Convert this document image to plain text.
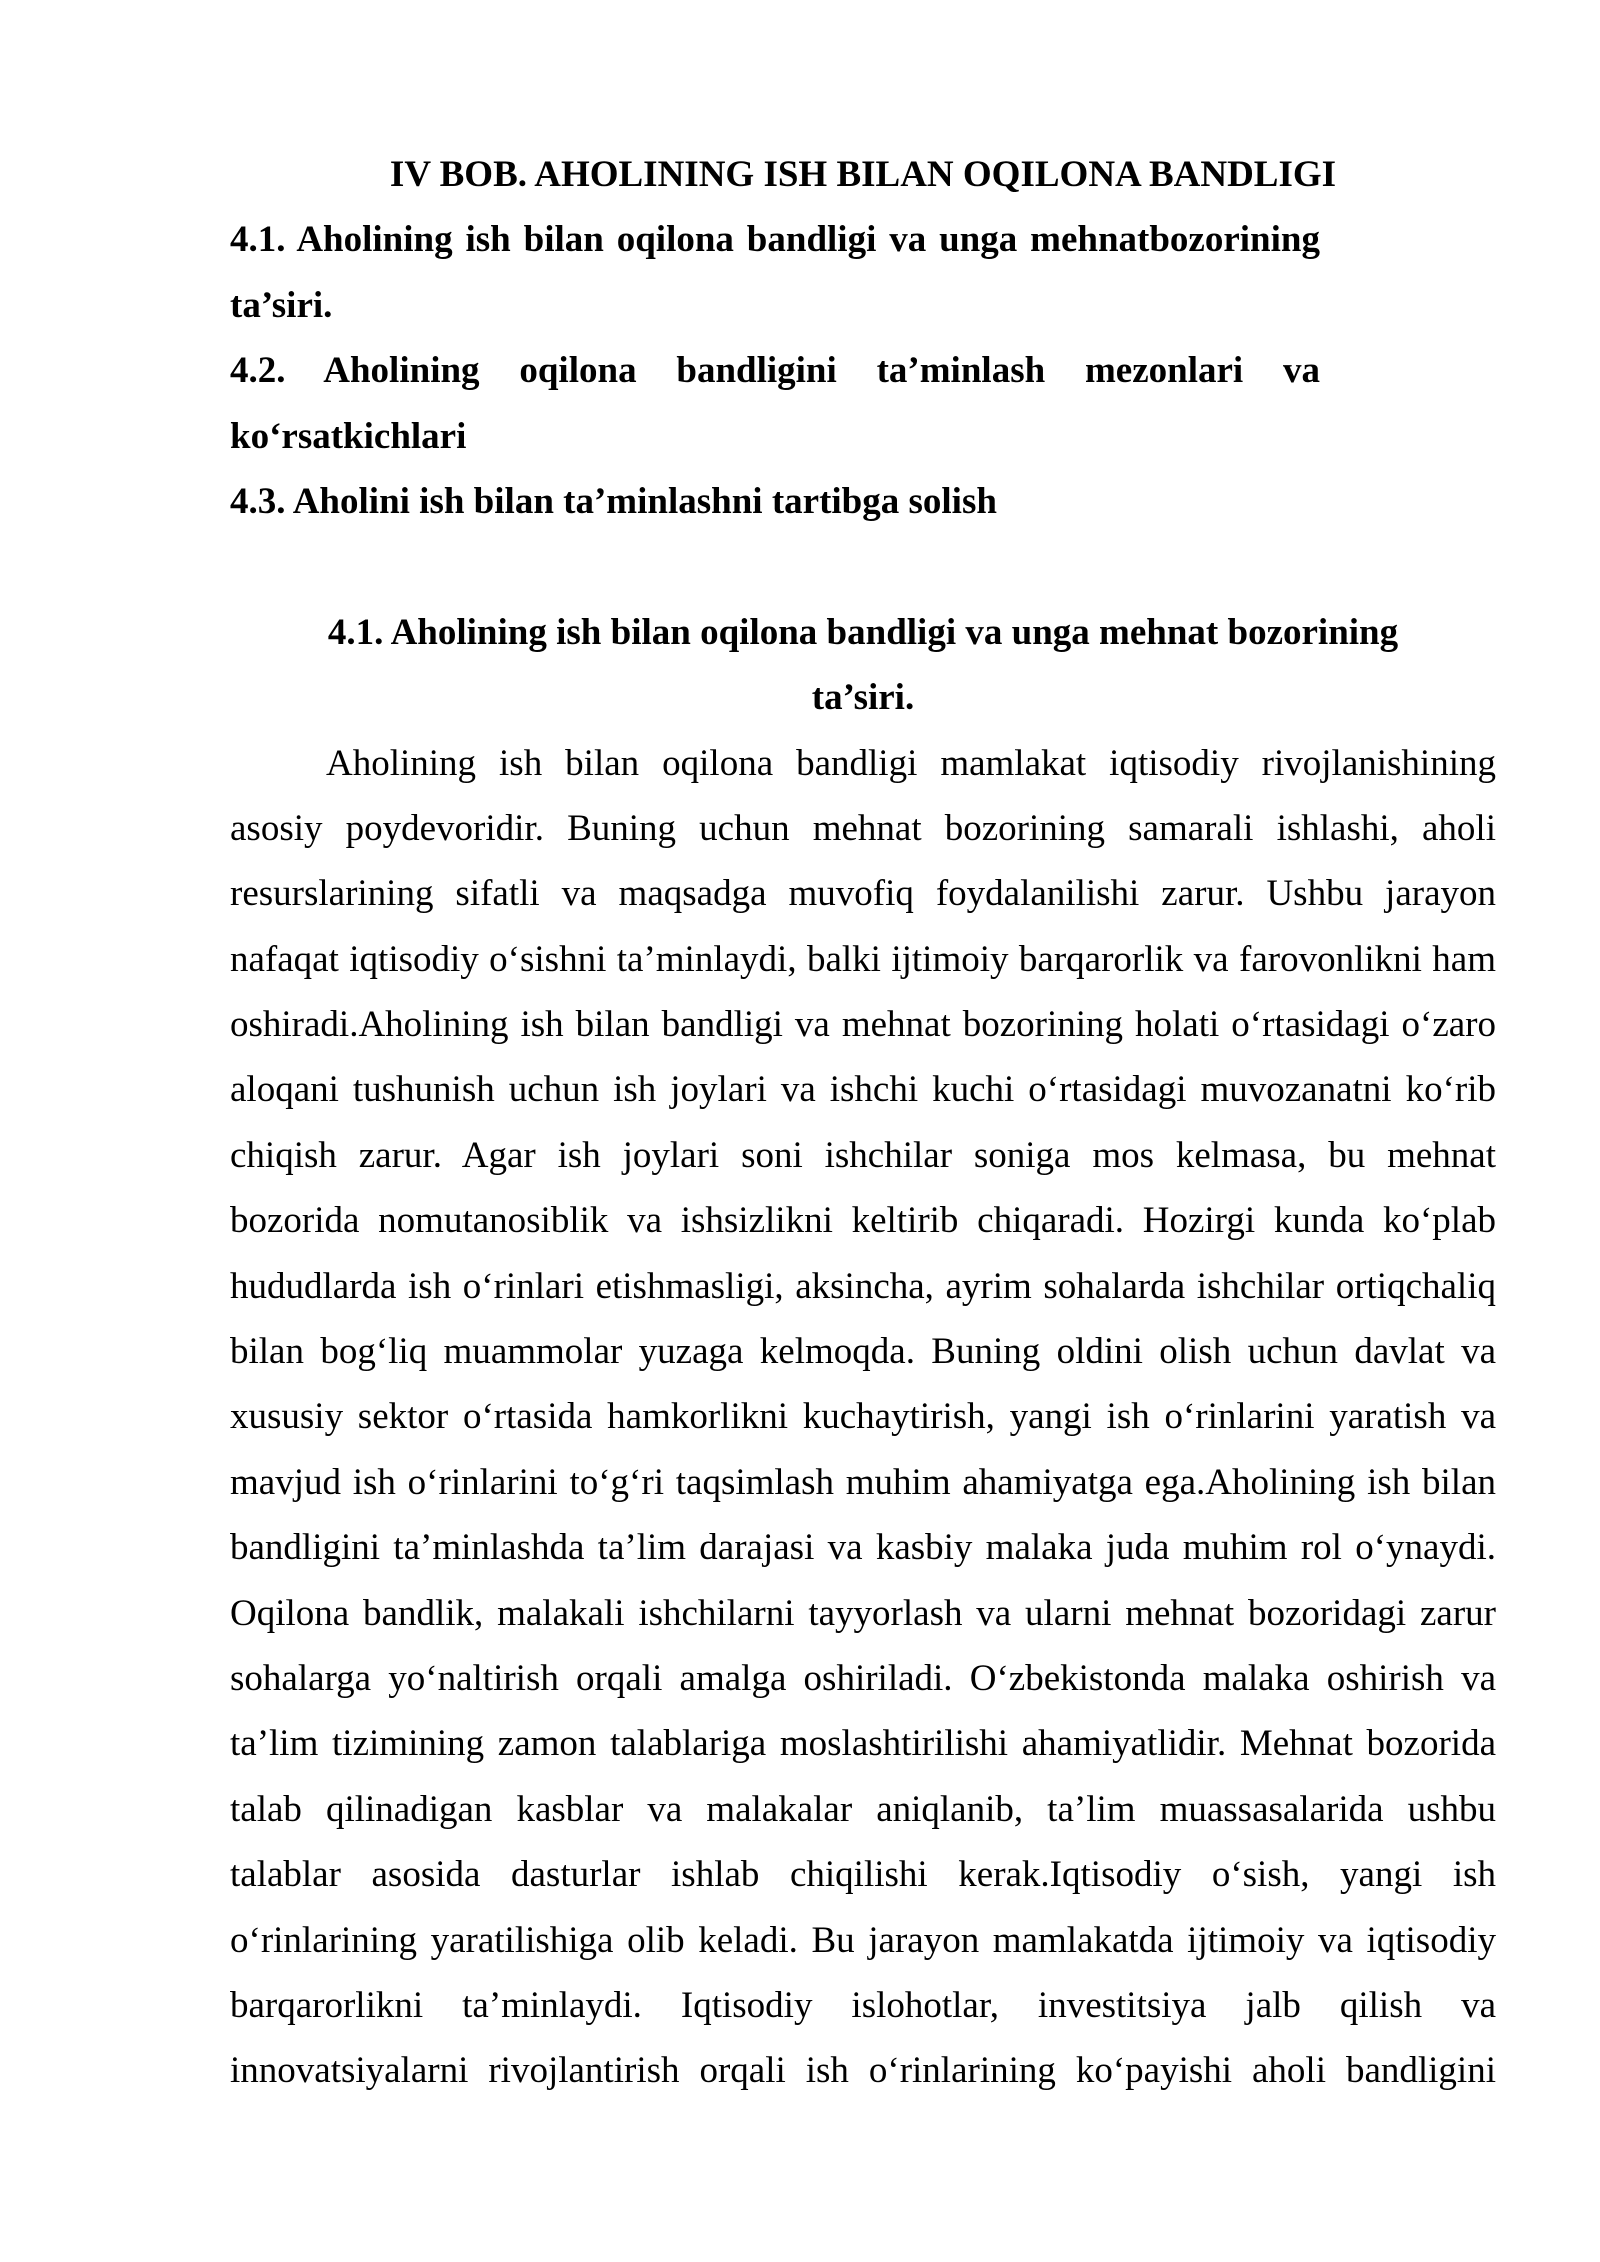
IV BOB. AHOLINING ISH BILAN OQILONA BANDLIGI
4.1. Aholining ish bilan oqilona bandligi va unga mehnatbozorining
ta’siri.
4.2. Aholining oqilona bandligini ta’minlash mezonlari va
ko‘rsatkichlari
4.3. Aholini ish bilan ta’minlashni tartibga solish
4.1. Aholining ish bilan oqilona bandligi va unga mehnat bozorining
ta’siri.
Aholining ish bilan oqilona bandligi mamlakat iqtisodiy rivojlanishining
asosiy poydevoridir. Buning uchun mehnat bozorining samarali ishlashi, aholi
resurslarining sifatli va maqsadga muvofiq foydalanilishi zarur. Ushbu jarayon
nafaqat iqtisodiy o‘sishni ta’minlaydi, balki ijtimoiy barqarorlik va farovonlikni ham
oshiradi.Aholining ish bilan bandligi va mehnat bozorining holati o‘rtasidagi o‘zaro
aloqani tushunish uchun ish joylari va ishchi kuchi o‘rtasidagi muvozanatni ko‘rib
chiqish zarur. Agar ish joylari soni ishchilar soniga mos kelmasa, bu mehnat
bozorida nomutanosiblik va ishsizlikni keltirib chiqaradi. Hozirgi kunda ko‘plab
hududlarda ish o‘rinlari etishmasligi, aksincha, ayrim sohalarda ishchilar ortiqchaliq
bilan bog‘liq muammolar yuzaga kelmoqda. Buning oldini olish uchun davlat va
xususiy sektor o‘rtasida hamkorlikni kuchaytirish, yangi ish o‘rinlarini yaratish va
mavjud ish o‘rinlarini to‘g‘ri taqsimlash muhim ahamiyatga ega.Aholining ish bilan
bandligini ta’minlashda ta’lim darajasi va kasbiy malaka juda muhim rol o‘ynaydi.
Oqilona bandlik, malakali ishchilarni tayyorlash va ularni mehnat bozoridagi zarur
sohalarga yo‘naltirish orqali amalga oshiriladi. O‘zbekistonda malaka oshirish va
ta’lim tizimining zamon talablariga moslashtirilishi ahamiyatlidir. Mehnat bozorida
talab qilinadigan kasblar va malakalar aniqlanib, ta’lim muassasalarida ushbu
talablar asosida dasturlar ishlab chiqilishi kerak.Iqtisodiy o‘sish, yangi ish
o‘rinlarining yaratilishiga olib keladi. Bu jarayon mamlakatda ijtimoiy va iqtisodiy
barqarorlikni ta’minlaydi. Iqtisodiy islohotlar, investitsiya jalb qilish va
innovatsiyalarni rivojlantirish orqali ish o‘rinlarining ko‘payishi aholi bandligini
